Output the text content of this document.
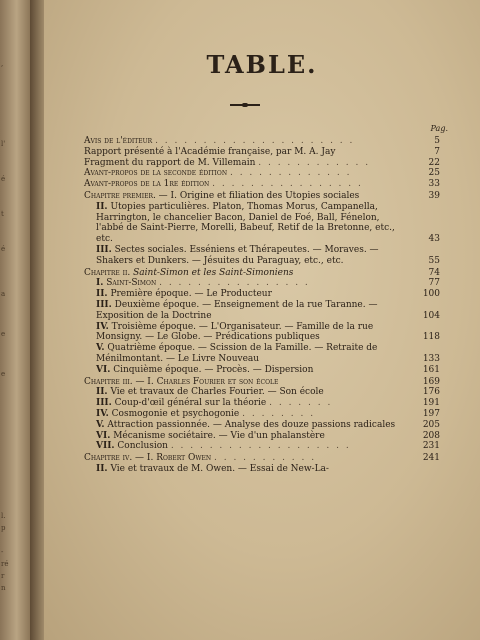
,
l'
é
t
é
a
e
e
l.
p
-
ré
r
n
TABLE.
Pag.
Avis de l'éditeur . . . . . . . . . . . . . . . . . . . . .	5
Rapport présenté à l'Académie française, par M. A. Jay	7
Fragment du rapport de M. Villemain . . . . . . . . . . . .	22
Avant-propos de la seconde édition . . . . . . . . . . . . .	25
Avant-propos de la 1re édition . . . . . . . . . . . . . . . .	33
Chapitre premier. — I. Origine et filiation des Utopies sociales	39
II. Utopies particulières. Platon, Thomas Morus, Campanella, Harrington, le chancelier Bacon, Daniel de Foé, Ball, Fénelon, l'abbé de Saint-Pierre, Morelli, Babeuf, Retif de la Bretonne, etc., etc.	43
III. Sectes sociales. Esséniens et Thérapeutes. — Moraves. — Shakers et Dunkers. — Jésuites du Paraguay, etc., etc.	55
Chapitre ii. Saint-Simon et les Saint-Simoniens	74
I. Saint-Simon . . . . . . . . . . . . . . . .	77
II. Première époque. — Le Producteur	100
III. Deuxième époque. — Enseignement de la rue Taranne. — Exposition de la Doctrine	104
IV. Troisième époque. — L'Organisateur. — Famille de la rue Monsigny. — Le Globe. — Prédications publiques	118
V. Quatrième époque. — Scission de la Famille. — Retraite de Ménilmontant. — Le Livre Nouveau	133
VI. Cinquième époque. — Procès. — Dispersion	161
Chapitre iii. — I. Charles Fourier et son école	169
II. Vie et travaux de Charles Fourier. — Son école	176
III. Coup-d'œil général sur la théorie . . . . . . .	191
IV. Cosmogonie et psychogonie . . . . . . . .	197
V. Attraction passionnée. — Analyse des douze passions radicales	205
VI. Mécanisme sociétaire. — Vie d'un phalanstère	208
VII. Conclusion . . . . . . . . . . . . . . . . . . .	231
Chapitre iv. — I. Robert Owen . . . . . . . . . . .	241
II. Vie et travaux de M. Owen. — Essai de New-La-
